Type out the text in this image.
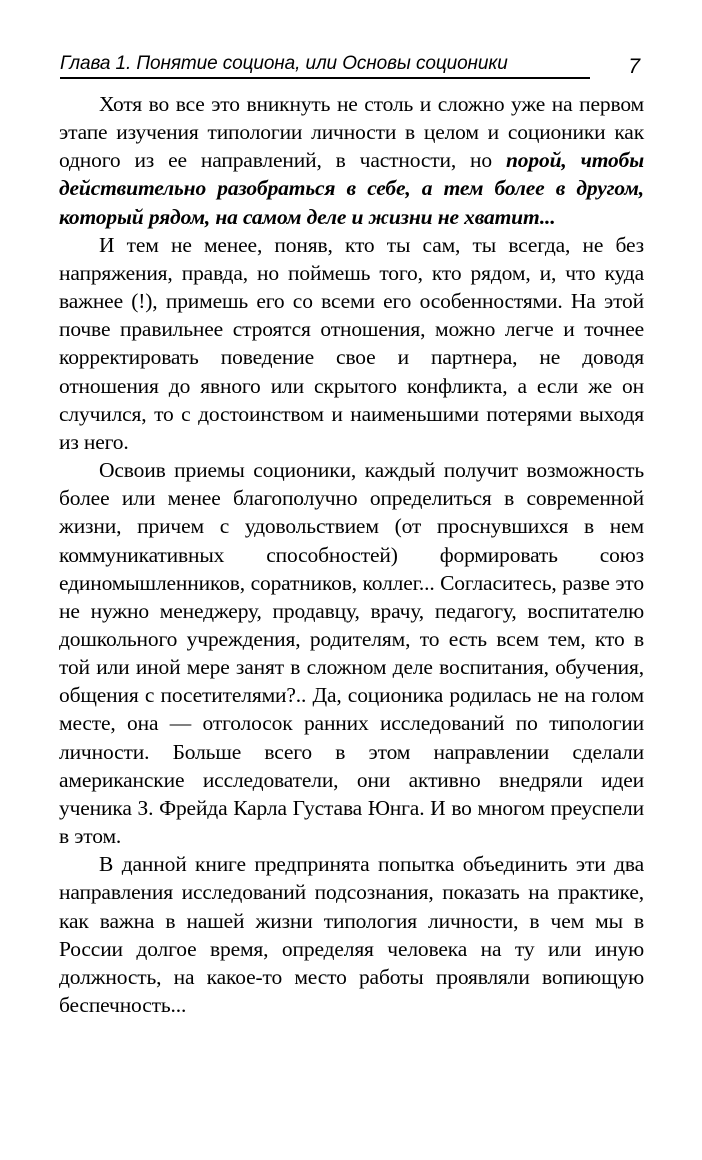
Глава 1. Понятие социона, или Основы соционики	7

Хотя во все это вникнуть не столь и сложно уже на первом этапе изучения типологии личности в целом и соционики как одного из ее направлений, в частности, но порой, чтобы действительно разобраться в себе, а тем более в другом, который рядом, на самом деле и жизни не хватит...

И тем не менее, поняв, кто ты сам, ты всегда, не без напряжения, правда, но поймешь того, кто рядом, и, что куда важнее (!), примешь его со всеми его особенностями. На этой почве правильнее строятся отношения, можно легче и точнее корректировать поведение свое и партнера, не доводя отношения до явного или скрытого конфликта, а если же он случился, то с достоинством и наименьшими потерями выходя из него.

Освоив приемы соционики, каждый получит возможность более или менее благополучно определиться в современной жизни, причем с удовольствием (от проснувшихся в нем коммуникативных способностей) формировать союз единомышленников, соратников, коллег... Согласитесь, разве это не нужно менеджеру, продавцу, врачу, педагогу, воспитателю дошкольного учреждения, родителям, то есть всем тем, кто в той или иной мере занят в сложном деле воспитания, обучения, общения с посетителями?.. Да, соционика родилась не на голом месте, она — отголосок ранних исследований по типологии личности. Больше всего в этом направлении сделали американские исследователи, они активно внедряли идеи ученика З. Фрейда Карла Густава Юнга. И во многом преуспели в этом.

В данной книге предпринята попытка объединить эти два направления исследований подсознания, показать на практике, как важна в нашей жизни типология личности, в чем мы в России долгое время, определяя человека на ту или иную должность, на какое-то место работы проявляли вопиющую беспечность...
